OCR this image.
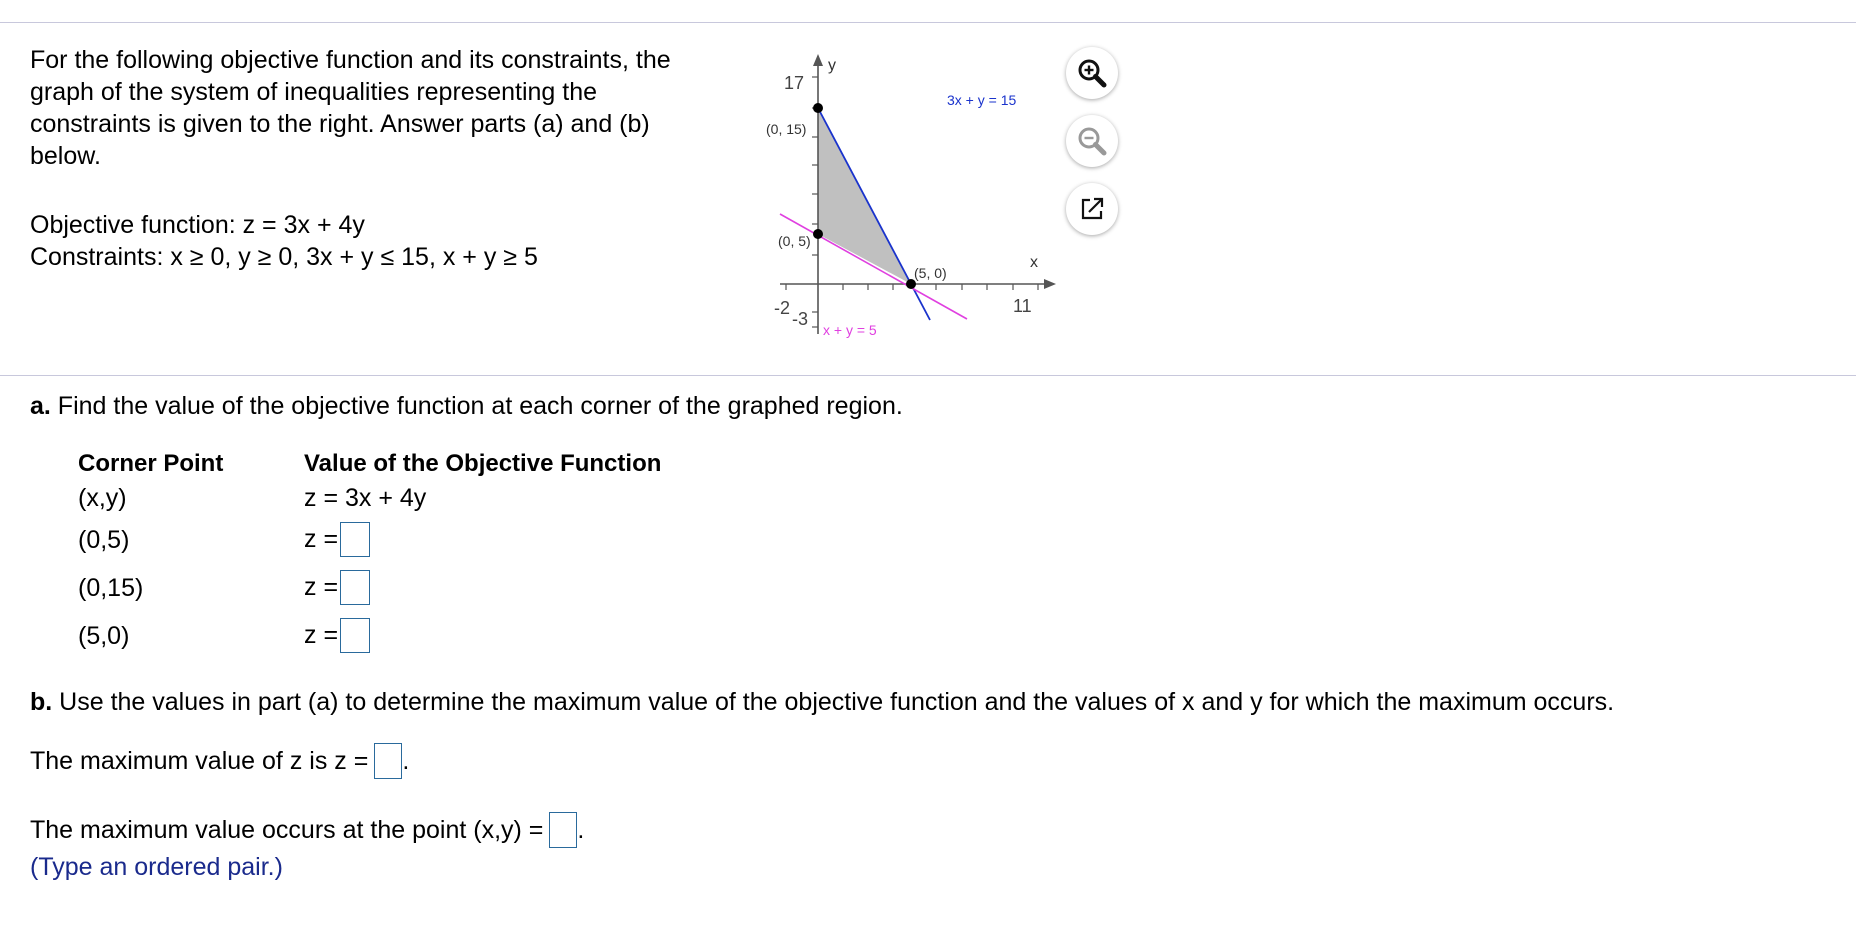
For the following objective function and its constraints, the

graph of the system of inequalities representing the

constraints is given to the right. Answer parts (a) and (b)

below.

Objective function: z = 3x + 4y
Constraints: x ≥ 0, y ≥ 0, 3x + y ≤ 15, x + y ≥ 5
y
x
17
-3
-2	11
(0, 15)
(0, 5)
(5, 0)
3x + y = 15
x + y = 5
a. Find the value of the objective function at each corner of the graphed region.
Corner Point	Value of the Objective Function
(x,y)	z = 3x + 4y
(0,5)	z =
(0,15)	z =
(5,0)	z =
b. Use the values in part (a) to determine the maximum value of the objective function and the values of x and y for which the maximum occurs.
The maximum value of z is z = .
The maximum value occurs at the point (x,y) = .
(Type an ordered pair.)
